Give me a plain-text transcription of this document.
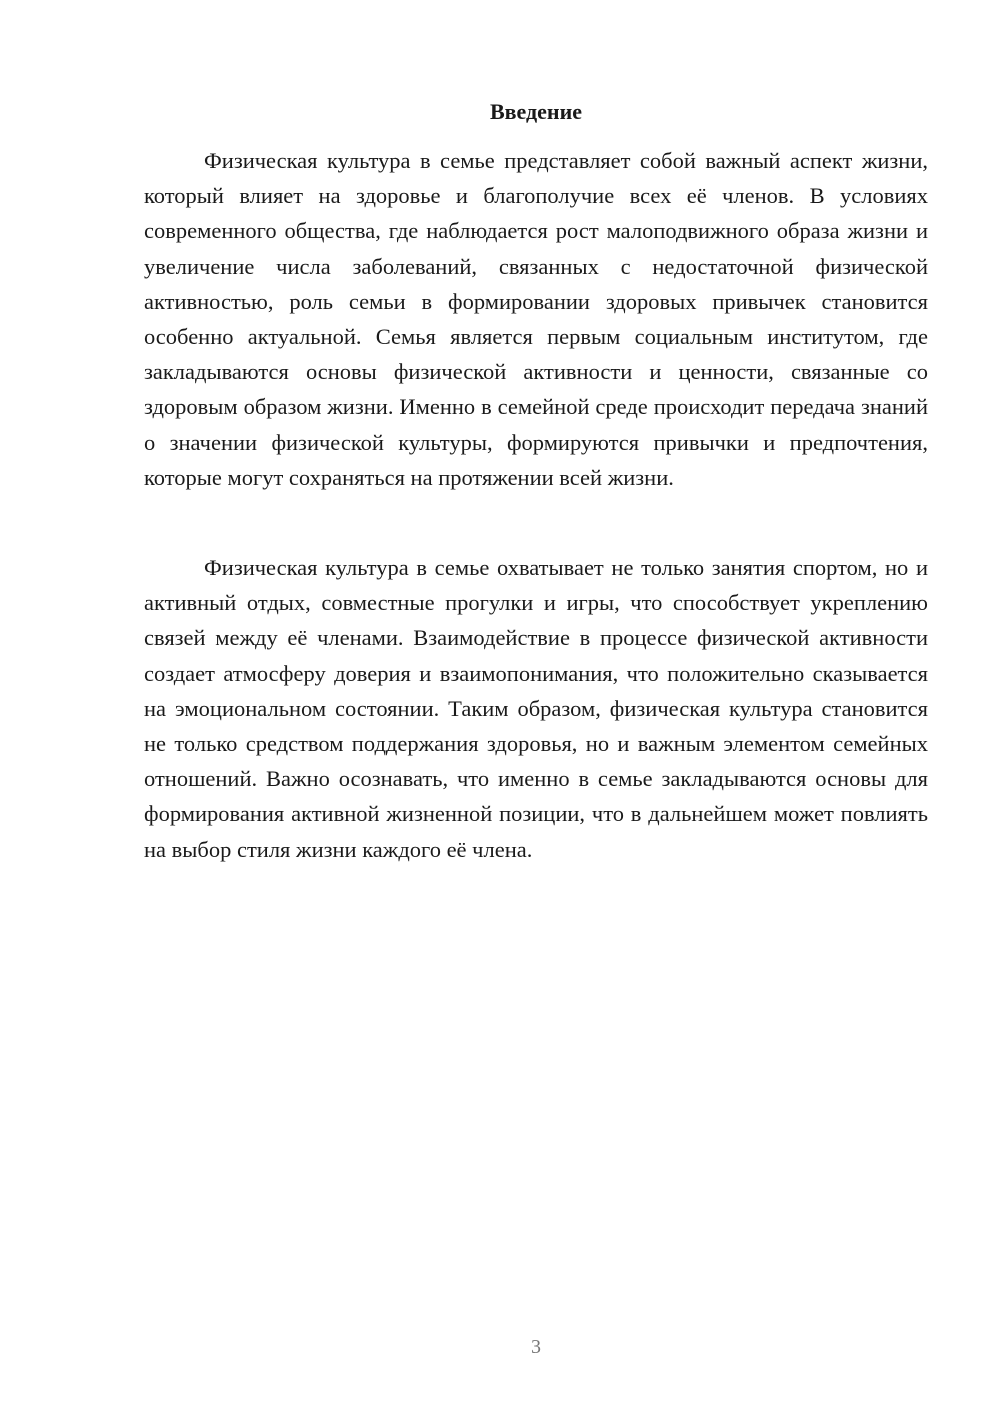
Введение

Физическая культура в семье представляет собой важный аспект жизни, который влияет на здоровье и благополучие всех её членов. В условиях современного общества, где наблюдается рост малоподвижного образа жизни и увеличение числа заболеваний, связанных с недостаточной физической активностью, роль семьи в формировании здоровых привычек становится особенно актуальной. Семья является первым социальным институтом, где закладываются основы физической активности и ценности, связанные со здоровым образом жизни. Именно в семейной среде происходит передача знаний о значении физической культуры, формируются привычки и предпочтения, которые могут сохраняться на протяжении всей жизни.

Физическая культура в семье охватывает не только занятия спортом, но и активный отдых, совместные прогулки и игры, что способствует укреплению связей между её членами. Взаимодействие в процессе физической активности создает атмосферу доверия и взаимопонимания, что положительно сказывается на эмоциональном состоянии. Таким образом, физическая культура становится не только средством поддержания здоровья, но и важным элементом семейных отношений. Важно осознавать, что именно в семье закладываются основы для формирования активной жизненной позиции, что в дальнейшем может повлиять на выбор стиля жизни каждого её члена.

3
